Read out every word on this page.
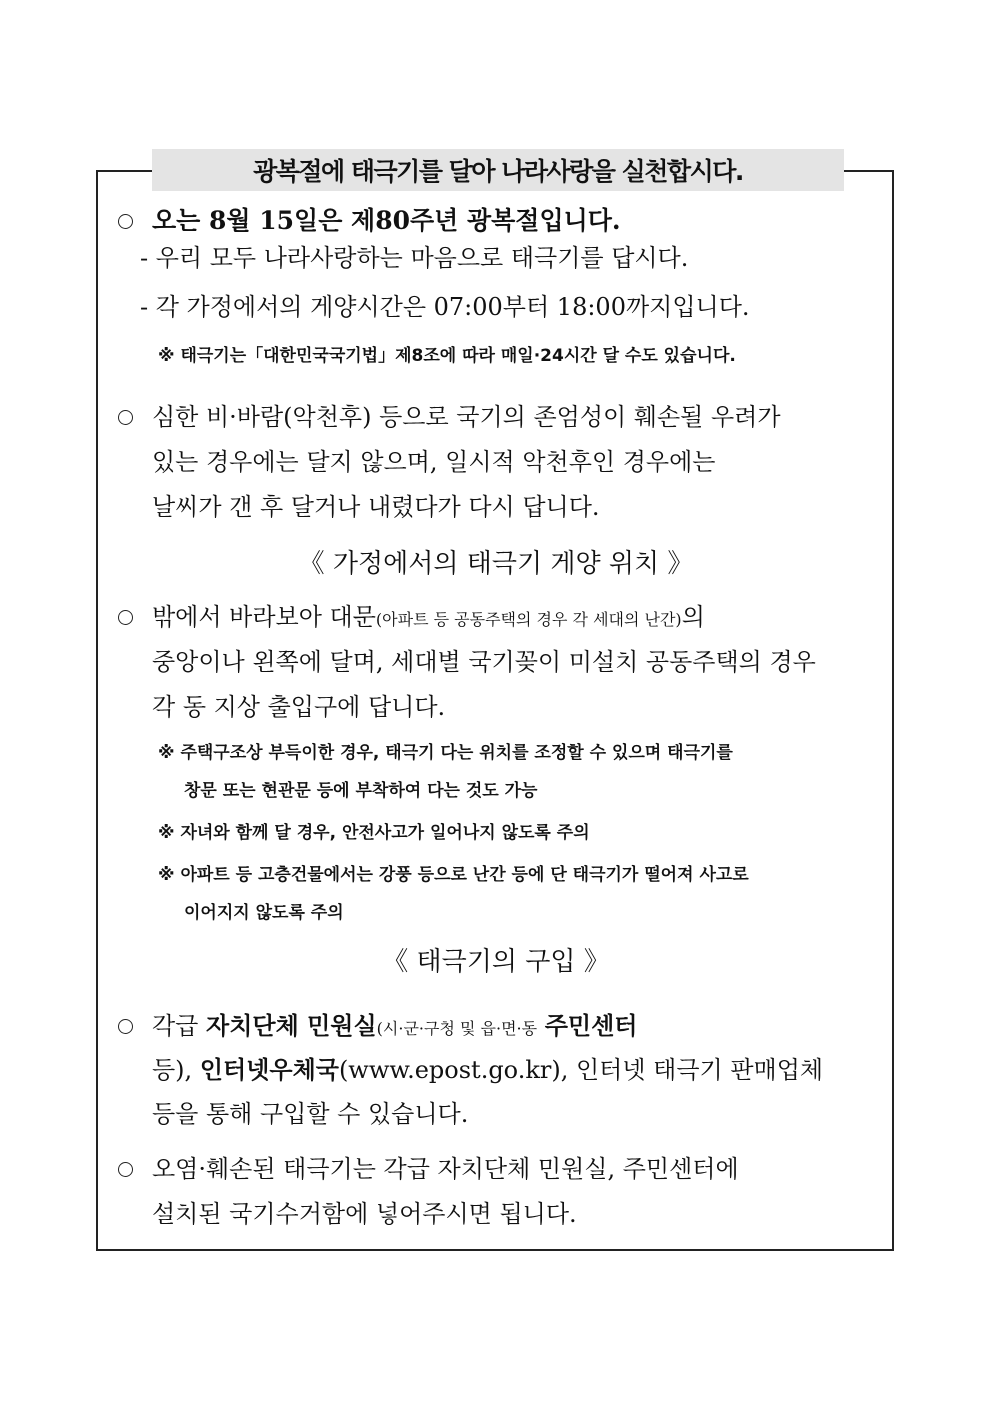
광복절에 태극기를 달아 나라사랑을 실천합시다.
오는 8월 15일은 제80주년 광복절입니다.
- 우리 모두 나라사랑하는 마음으로 태극기를 답시다.
- 각 가정에서의 게양시간은 07:00부터 18:00까지입니다.
※ 태극기는「대한민국국기법」제8조에 따라 매일·24시간 달 수도 있습니다.
심한 비·바람(악천후) 등으로 국기의 존엄성이 훼손될 우려가
있는 경우에는 달지 않으며, 일시적 악천후인 경우에는
날씨가 갠 후 달거나 내렸다가 다시 답니다.
《 가정에서의 태극기 게양 위치 》
밖에서 바라보아 대문(아파트 등 공동주택의 경우 각 세대의 난간)의
중앙이나 왼쪽에 달며, 세대별 국기꽂이 미설치 공동주택의 경우
각 동 지상 출입구에 답니다.
※ 주택구조상 부득이한 경우, 태극기 다는 위치를 조정할 수 있으며 태극기를
창문 또는 현관문 등에 부착하여 다는 것도 가능
※ 자녀와 함께 달 경우, 안전사고가 일어나지 않도록 주의
※ 아파트 등 고층건물에서는 강풍 등으로 난간 등에 단 태극기가 떨어져 사고로
이어지지 않도록 주의
《 태극기의 구입 》
각급 자치단체 민원실(시·군·구청 및 읍·면·동 주민센터
등), 인터넷우체국(www.epost.go.kr), 인터넷 태극기 판매업체
등을 통해 구입할 수 있습니다.
오염·훼손된 태극기는 각급 자치단체 민원실, 주민센터에
설치된 국기수거함에 넣어주시면 됩니다.
